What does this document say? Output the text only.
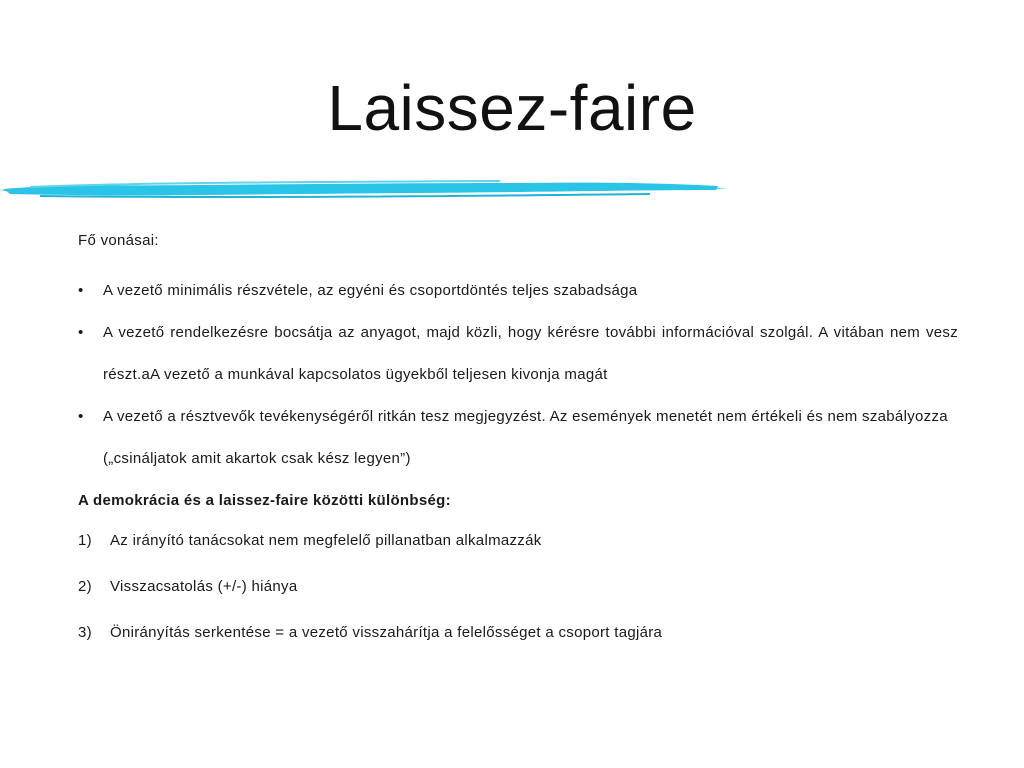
Laissez-faire

Fő vonásai:

•	A vezető minimális részvétele, az egyéni és csoportdöntés teljes szabadsága
•	A vezető rendelkezésre bocsátja az anyagot, majd közli, hogy kérésre további információval szolgál. A vitában nem vesz részt.aA vezető a munkával kapcsolatos ügyekből teljesen kivonja magát
•	A vezető a résztvevők tevékenységéről ritkán tesz megjegyzést. Az események menetét nem értékeli és nem szabályozza
(„csináljatok amit akartok csak kész legyen”)

A demokrácia és a laissez-faire közötti különbség:

1)	Az irányító tanácsokat nem megfelelő pillanatban alkalmazzák
2)	Visszacsatolás (+/-) hiánya
3)	Önirányítás serkentése = a vezető visszahárítja a felelősséget a csoport tagjára
